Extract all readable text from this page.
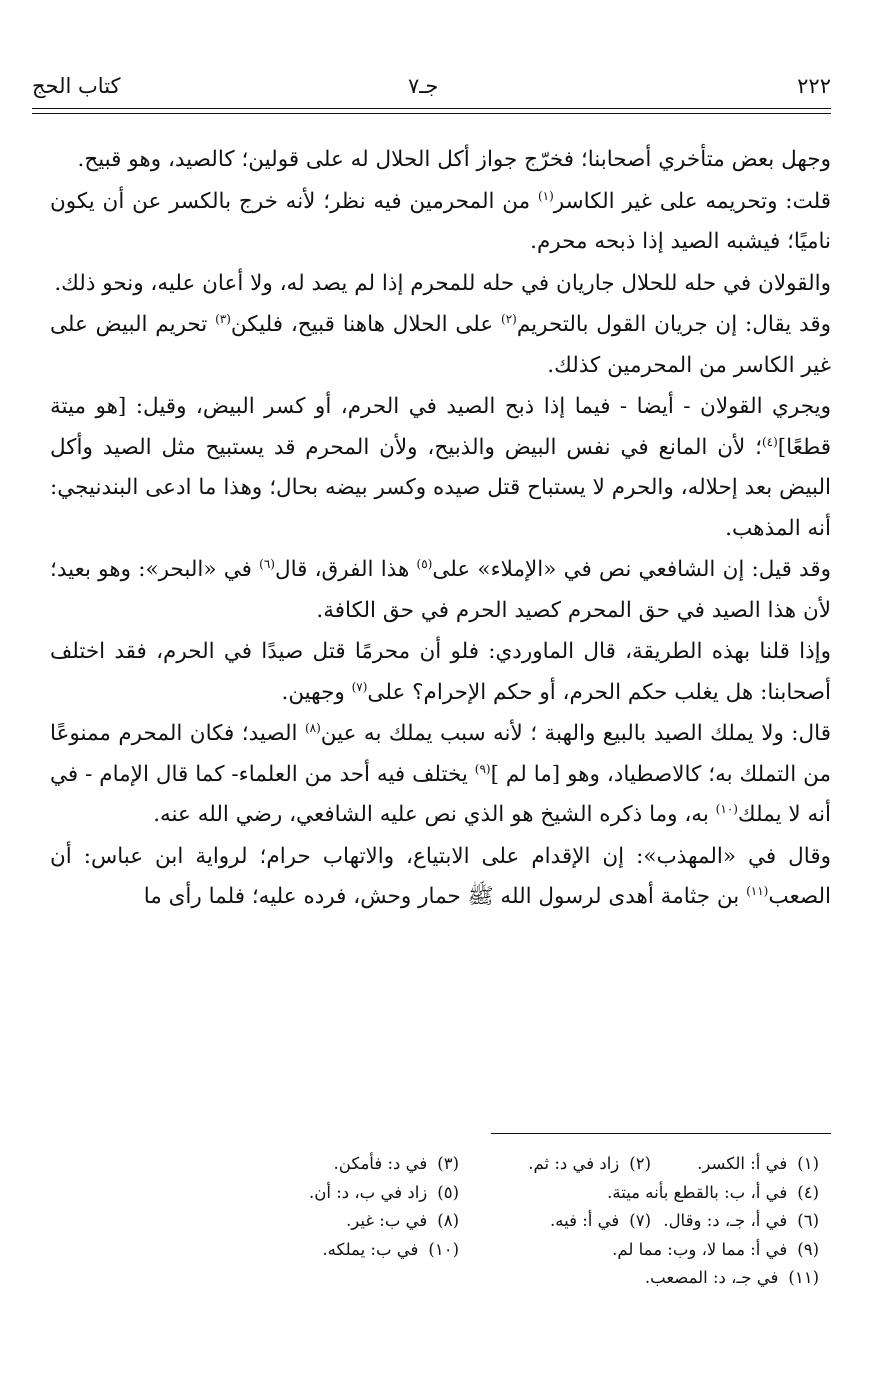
٢٢٢
جـ٧
كتاب الحج

وجهل بعض متأخري أصحابنا؛ فخرّج جواز أكل الحلال له على قولين؛ كالصيد، وهو قبيح.

قلت: وتحريمه على غير الكاسر$^{(١)}$ من المحرمين فيه نظر؛ لأنه خرج بالكسر عن أن يكون ناميًا؛ فيشبه الصيد إذا ذبحه محرم.

والقولان في حله للحلال جاريان في حله للمحرم إذا لم يصد له، ولا أعان عليه، ونحو ذلك.

وقد يقال: إن جريان القول بالتحريم$^{(٢)}$ على الحلال هاهنا قبيح، فليكن$^{(٣)}$ تحريم البيض على غير الكاسر من المحرمين كذلك.

ويجري القولان - أيضا - فيما إذا ذبح الصيد في الحرم، أو كسر البيض، وقيل: [هو ميتة قطعًا]$^{(٤)}$؛ لأن المانع في نفس البيض والذبيح، ولأن المحرم قد يستبيح مثل الصيد وأكل البيض بعد إحلاله، والحرم لا يستباح قتل صيده وكسر بيضه بحال؛ وهذا ما ادعى البندنيجي: أنه المذهب.

وقد قيل: إن الشافعي نص في «الإملاء» على$^{(٥)}$ هذا الفرق، قال$^{(٦)}$ في «البحر»: وهو بعيد؛ لأن هذا الصيد في حق المحرم كصيد الحرم في حق الكافة.

وإذا قلنا بهذه الطريقة، قال الماوردي: فلو أن محرمًا قتل صيدًا في الحرم، فقد اختلف أصحابنا: هل يغلب حكم الحرم، أو حكم الإحرام؟ على$^{(٧)}$ وجهين.

قال: ولا يملك الصيد بالبيع والهبة ؛ لأنه سبب يملك به عين$^{(٨)}$ الصيد؛ فكان المحرم ممنوعًا من التملك به؛ كالاصطياد، وهو [ما لم ]$^{(٩)}$ يختلف فيه أحد من العلماء- كما قال الإمام - في أنه لا يملك$^{(١٠)}$ به، وما ذكره الشيخ هو الذي نص عليه الشافعي، رضي الله عنه.

وقال في «المهذب»: إن الإقدام على الابتياع، والاتهاب حرام؛ لرواية ابن عباس: أن الصعب$^{(١١)}$ بن جثامة أهدى لرسول الله ﷺ حمار وحش، فرده عليه؛ فلما رأى ما

(١)في أ: الكسر.
(٢)زاد في د: ثم.
(٣)في د: فأمكن.
(٤)في أ، ب: بالقطع بأنه ميتة.
(٥)زاد في ب، د: أن.
(٦)في أ، جـ، د: وقال.
(٧)في أ: فيه.
(٨)في ب: غير.
(٩)في أ: مما لا، وب: مما لم.
(١٠)في ب: يملكه.
(١١)في جـ، د: المصعب.
